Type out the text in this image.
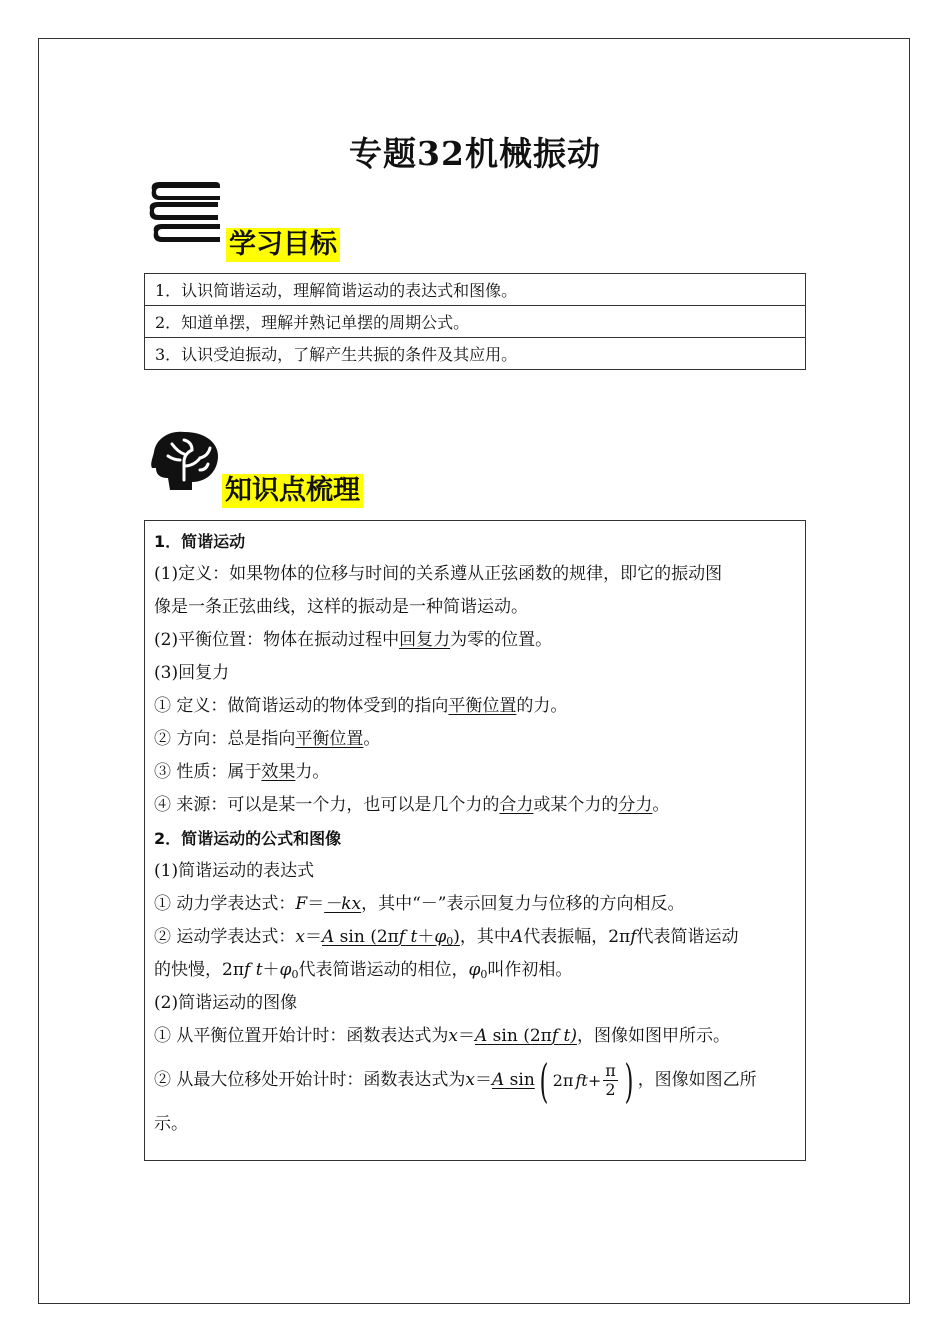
专题32机械振动
学习目标
1．认识简谐运动，理解简谐运动的表达式和图像。
2．知道单摆，理解并熟记单摆的周期公式。
3．认识受迫振动，了解产生共振的条件及其应用。
知识点梳理
1．简谐运动
(1)定义：如果物体的位移与时间的关系遵从正弦函数的规律，即它的振动图
像是一条正弦曲线，这样的振动是一种简谐运动。
(2)平衡位置：物体在振动过程中回复力为零的位置。
(3)回复力
① 定义：做简谐运动的物体受到的指向平衡位置的力。
② 方向：总是指向平衡位置。
③ 性质：属于效果力。
④ 来源：可以是某一个力，也可以是几个力的合力或某个力的分力。
2．简谐运动的公式和图像
(1)简谐运动的表达式
① 动力学表达式：F＝－kx，其中“－”表示回复力与位移的方向相反。
② 运动学表达式：x＝A sin (2πf $t+\varphi_0$)，其中A代表振幅，2πf代表简谐运动
的快慢，2πf $t+\varphi_0$代表简谐运动的相位，$\varphi_0$叫作初相。
(2)简谐运动的图像
① 从平衡位置开始计时：函数表达式为x＝A sin (2πf t)，图像如图甲所示。
② 从最大位移处开始计时：函数表达式为 x ＝ A sin ( 2π ft + $\frac{\pi}{2}$ ) ，图像如图乙所
示。
